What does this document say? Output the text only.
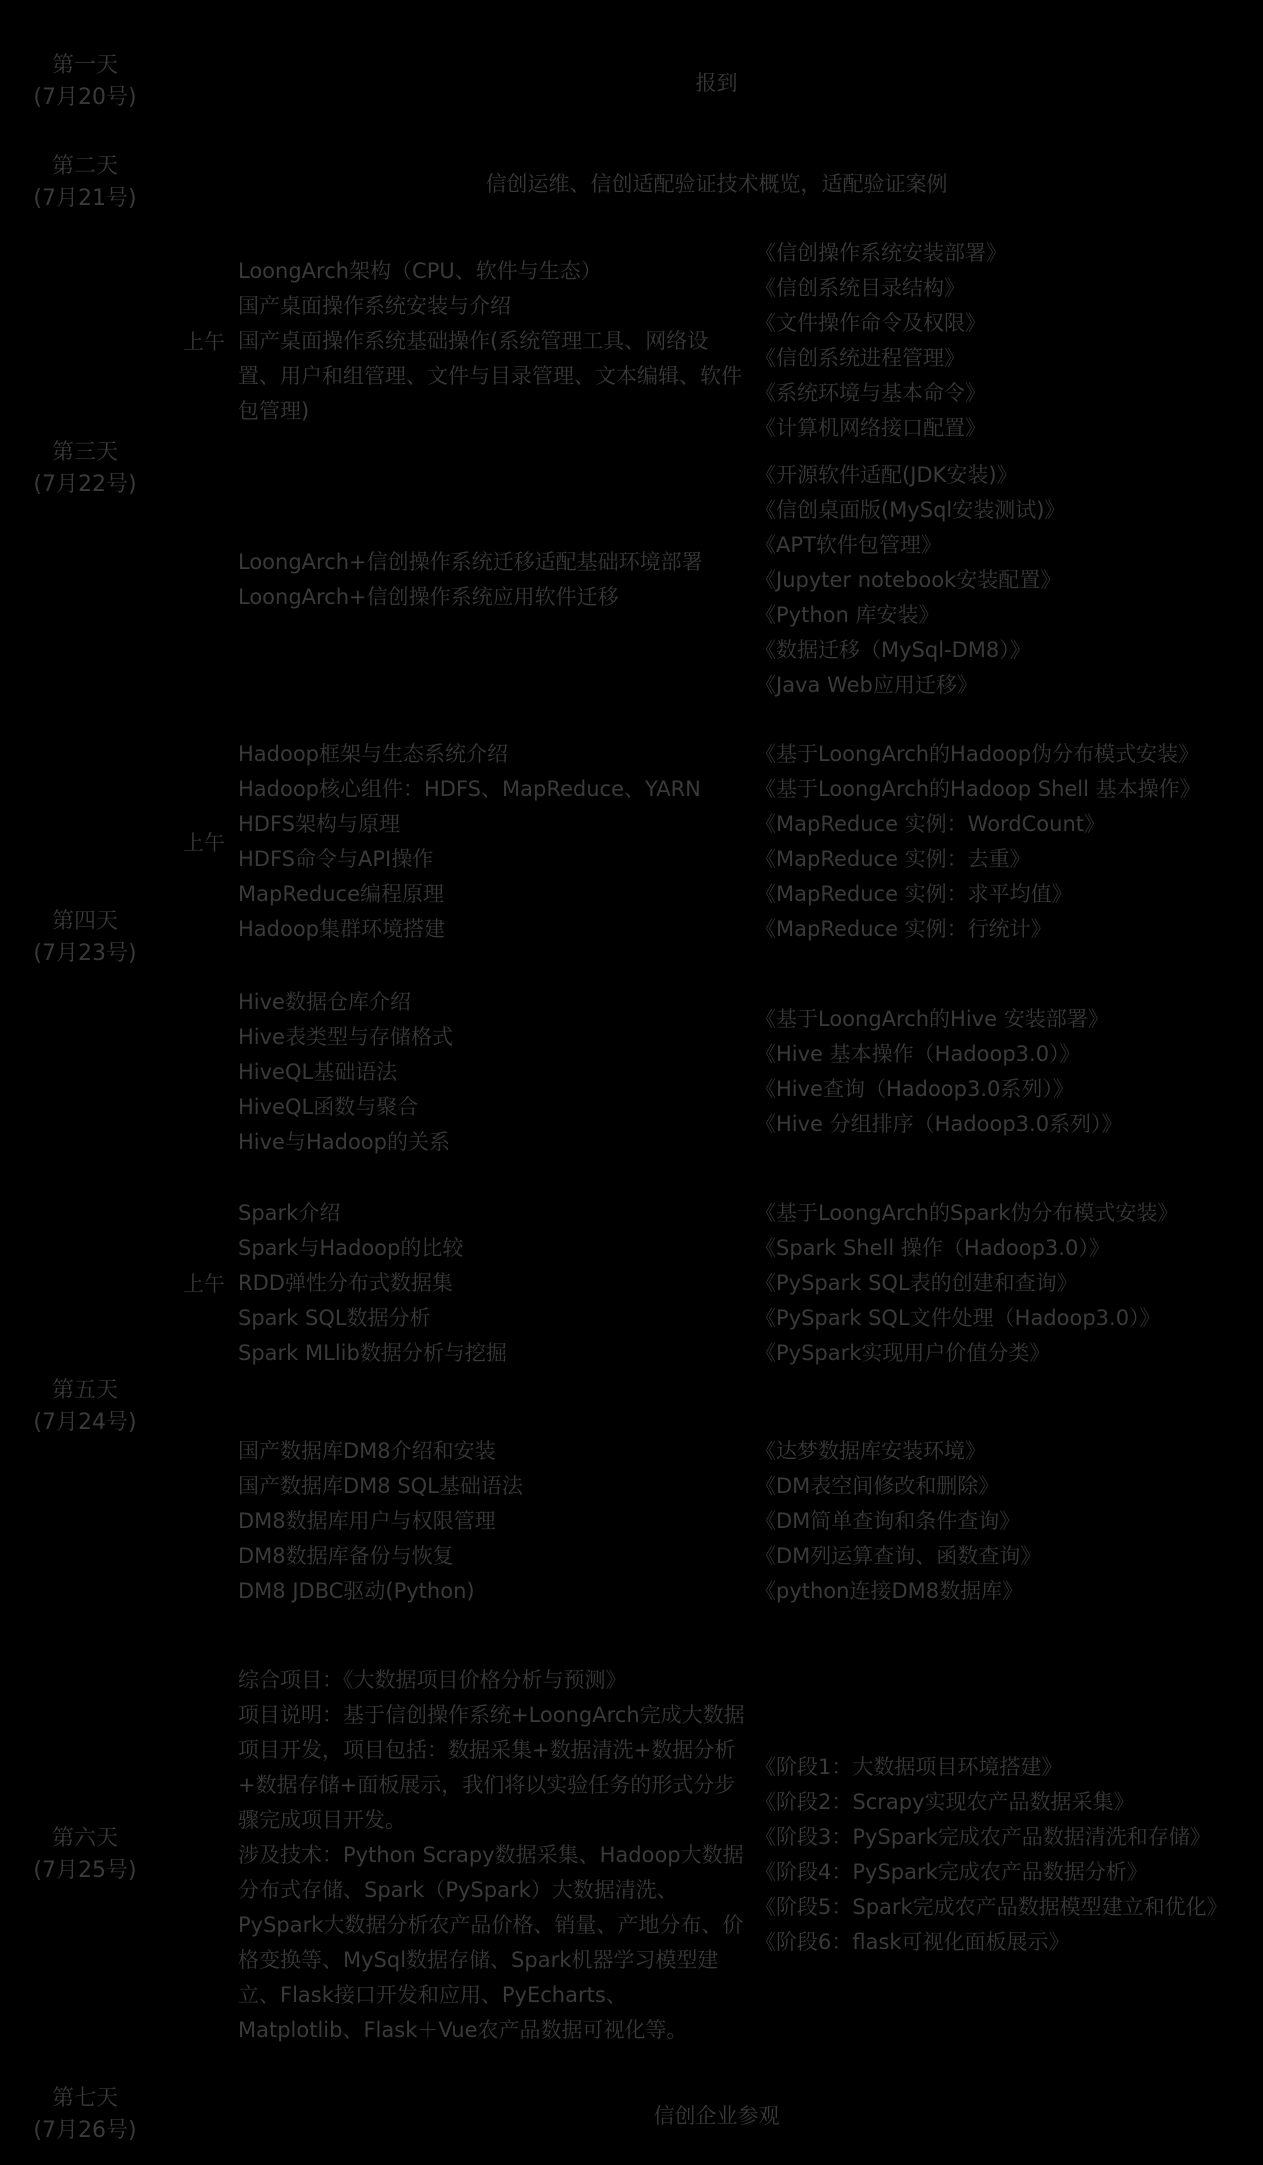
第一天
(7月20号)
报到
第二天
(7月21号)
信创运维、信创适配验证技术概览，适配验证案例
第三天
(7月22号)
上午
LoongArch架构（CPU、软件与生态）
国产桌面操作系统安装与介绍
国产桌面操作系统基础操作(系统管理工具、网络设置、用户和组管理、文件与目录管理、文本编辑、软件包管理)
《信创操作系统安装部署》
《信创系统目录结构》
《文件操作命令及权限》
《信创系统进程管理》
《系统环境与基本命令》
《计算机网络接口配置》
LoongArch+信创操作系统迁移适配基础环境部署
LoongArch+信创操作系统应用软件迁移
《开源软件适配(JDK安装)》
《信创桌面版(MySql安装测试)》
《APT软件包管理》
《Jupyter notebook安装配置》
《Python 库安装》
《数据迁移（MySql-DM8）》
《Java Web应用迁移》
第四天
(7月23号)
上午
Hadoop框架与生态系统介绍
Hadoop核心组件：HDFS、MapReduce、YARN
HDFS架构与原理
HDFS命令与API操作
MapReduce编程原理
Hadoop集群环境搭建
《基于LoongArch的Hadoop伪分布模式安装》
《基于LoongArch的Hadoop Shell 基本操作》
《MapReduce 实例：WordCount》
《MapReduce 实例：去重》
《MapReduce 实例：求平均值》
《MapReduce 实例：行统计》
Hive数据仓库介绍
Hive表类型与存储格式
HiveQL基础语法
HiveQL函数与聚合
Hive与Hadoop的关系
《基于LoongArch的Hive 安装部署》
《Hive 基本操作（Hadoop3.0）》
《Hive查询（Hadoop3.0系列）》
《Hive 分组排序（Hadoop3.0系列）》
第五天
(7月24号)
上午
Spark介绍
Spark与Hadoop的比较
RDD弹性分布式数据集
Spark SQL数据分析
Spark MLlib数据分析与挖掘
《基于LoongArch的Spark伪分布模式安装》
《Spark Shell 操作（Hadoop3.0）》
《PySpark SQL表的创建和查询》
《PySpark SQL文件处理（Hadoop3.0）》
《PySpark实现用户价值分类》
国产数据库DM8介绍和安装
国产数据库DM8 SQL基础语法
DM8数据库用户与权限管理
DM8数据库备份与恢复
DM8 JDBC驱动(Python)
《达梦数据库安装环境》
《DM表空间修改和删除》
《DM简单查询和条件查询》
《DM列运算查询、函数查询》
《python连接DM8数据库》
第六天
(7月25号)
综合项目：《大数据项目价格分析与预测》
项目说明：基于信创操作系统+LoongArch完成大数据项目开发，项目包括：数据采集+数据清洗+数据分析+数据存储+面板展示，我们将以实验任务的形式分步骤完成项目开发。
涉及技术：Python Scrapy数据采集、Hadoop大数据分布式存储、Spark（PySpark）大数据清洗、PySpark大数据分析农产品价格、销量、产地分布、价格变换等、MySql数据存储、Spark机器学习模型建立、Flask接口开发和应用、PyEcharts、Matplotlib、Flask＋Vue农产品数据可视化等。
《阶段1：大数据项目环境搭建》
《阶段2：Scrapy实现农产品数据采集》
《阶段3：PySpark完成农产品数据清洗和存储》
《阶段4：PySpark完成农产品数据分析》
《阶段5：Spark完成农产品数据模型建立和优化》
《阶段6：flask可视化面板展示》
第七天
(7月26号)
信创企业参观
